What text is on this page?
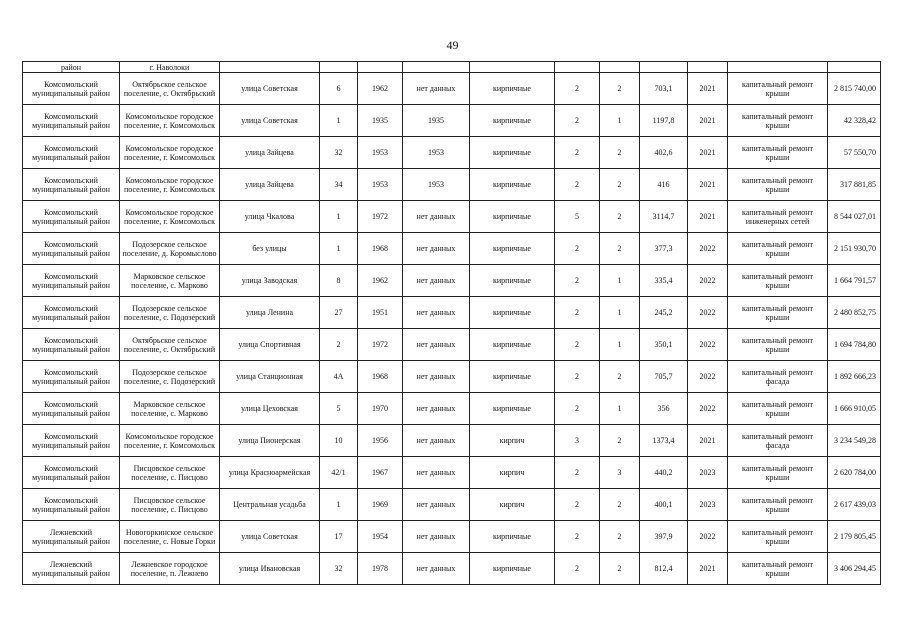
49
район	г. Наволоки											
Комсомольский муниципальный район	Октябрьское сельское поселение, с. Октябрьский	улица Советская	6	1962	нет данных	кирпичные	2	2	703,1	2021	капитальный ремонт крыши	2 815 740,00
Комсомольский муниципальный район	Комсомольское городское поселение, г. Комсомольск	улица Советская	1	1935	1935	кирпичные	2	1	1197,8	2021	капитальный ремонт крыши	42 328,42
Комсомольский муниципальный район	Комсомольское городское поселение, г. Комсомольск	улица Зайцева	32	1953	1953	кирпичные	2	2	402,6	2021	капитальный ремонт крыши	57 550,70
Комсомольский муниципальный район	Комсомольское городское поселение, г. Комсомольск	улица Зайцева	34	1953	1953	кирпичные	2	2	416	2021	капитальный ремонт крыши	317 881,85
Комсомольский муниципальный район	Комсомольское городское поселение, г. Комсомольск	улица Чкалова	1	1972	нет данных	кирпичные	5	2	3114,7	2021	капитальный ремонт инженерных сетей	8 544 027,01
Комсомольский муниципальный район	Подозерское сельское поселение, д. Коромыслово	без улицы	1	1968	нет данных	кирпичные	2	2	377,3	2022	капитальный ремонт крыши	2 151 930,70
Комсомольский муниципальный район	Марковское сельское поселение, с. Марково	улица Заводская	8	1962	нет данных	кирпичные	2	1	335,4	2022	капитальный ремонт крыши	1 664 791,57
Комсомольский муниципальный район	Подозерское сельское поселение, с. Подозерский	улица Ленина	27	1951	нет данных	кирпичные	2	1	245,2	2022	капитальный ремонт крыши	2 480 852,75
Комсомольский муниципальный район	Октябрьское сельское поселение, с. Октябрьский	улица Спортивная	2	1972	нет данных	кирпичные	2	1	350,1	2022	капитальный ремонт крыши	1 694 784,80
Комсомольский муниципальный район	Подозерское сельское поселение, с. Подозерский	улица Станционная	4А	1968	нет данных	кирпичные	2	2	705,7	2022	капитальный ремонт фасада	1 892 666,23
Комсомольский муниципальный район	Марковское сельское поселение, с. Марково	улица Цеховская	5	1970	нет данных	кирпичные	2	1	356	2022	капитальный ремонт крыши	1 666 910,05
Комсомольский муниципальный район	Комсомольское городское поселение, г. Комсомольск	улица Пионерская	10	1956	нет данных	кирпич	3	2	1373,4	2021	капитальный ремонт фасада	3 234 549,28
Комсомольский муниципальный район	Писцовское сельское поселение, с. Писцово	улица Красноармейская	42/1	1967	нет данных	кирпич	2	3	440,2	2023	капитальный ремонт крыши	2 620 784,00
Комсомольский муниципальный район	Писцовское сельское поселение, с. Писцово	Центральная усадьба	1	1969	нет данных	кирпич	2	2	400,1	2023	капитальный ремонт крыши	2 617 439,03
Лежневский муниципальный район	Новогоркинское сельское поселение, с. Новые Горки	улица Советская	17	1954	нет данных	кирпичные	2	2	397,9	2022	капитальный ремонт крыши	2 179 805,45
Лежневский муниципальный район	Лежневское городское поселение, п. Лежнево	улица Ивановская	32	1978	нет данных	кирпичные	2	2	812,4	2021	капитальный ремонт крыши	3 406 294,45
